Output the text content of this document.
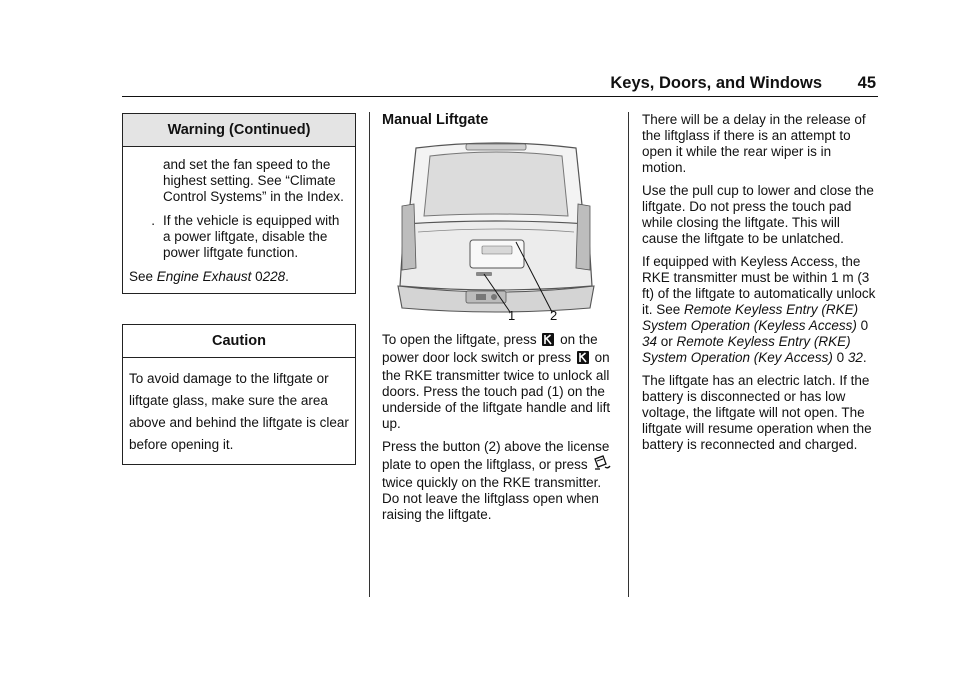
Keys, Doors, and Windows 45
Warning (Continued)
and set the fan speed to the highest setting. See “Climate Control Systems” in the Index.
. If the vehicle is equipped with a power liftgate, disable the power liftgate function.
See Engine Exhaust 0228.
Caution
To avoid damage to the liftgate or liftgate glass, make sure the area above and behind the liftgate is clear before opening it.
Manual Liftgate
1	2

To open the liftgate, press  on the power door lock switch or press  on the RKE transmitter twice to unlock all doors. Press the touch pad (1) on the underside of the liftgate handle and lift up.

Press the button (2) above the license plate to open the liftglass, or press  twice quickly on the RKE transmitter. Do not leave the liftglass open when raising the liftgate.

There will be a delay in the release of the liftglass if there is an attempt to open it while the rear wiper is in motion.

Use the pull cup to lower and close the liftgate. Do not press the touch pad while closing the liftgate. This will cause the liftgate to be unlatched.

If equipped with Keyless Access, the RKE transmitter must be within 1 m (3 ft) of the liftgate to automatically unlock it. See Remote Keyless Entry (RKE) System Operation (Keyless Access) 0 34 or Remote Keyless Entry (RKE) System Operation (Key Access) 0 32.

The liftgate has an electric latch. If the battery is disconnected or has low voltage, the liftgate will not open. The liftgate will resume operation when the battery is reconnected and charged.
